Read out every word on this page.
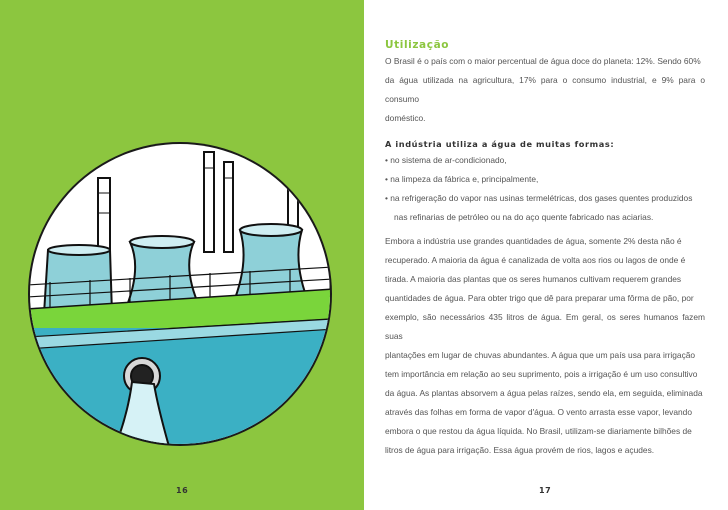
16	17
Utilização

O Brasil é o país com o maior percentual de água doce do planeta: 12%. Sendo 60%
da água utilizada na agricultura, 17% para o consumo industrial, e 9% para o consumo
doméstico.

A indústria utiliza a água de muitas formas:
• no sistema de ar-condicionado,
• na limpeza da fábrica e, principalmente,
• na refrigeração do vapor nas usinas termelétricas, dos gases quentes produzidos
nas refinarias de petróleo ou na do aço quente fabricado nas aciarias.

Embora a indústria use grandes quantidades de água, somente 2% desta não é
recuperado. A maioria da água é canalizada de volta aos rios ou lagos de onde é
tirada. A maioria das plantas que os seres humanos cultivam requerem grandes
quantidades de água. Para obter trigo que dê para preparar uma fôrma de pão, por
exemplo, são necessários 435 litros de água. Em geral, os seres humanos fazem suas
plantações em lugar de chuvas abundantes. A água que um país usa para irrigação
tem importância em relação ao seu suprimento, pois a irrigação é um uso consultivo
da água. As plantas absorvem a água pelas raízes, sendo ela, em seguida, eliminada
através das folhas em forma de vapor d'água. O vento arrasta esse vapor, levando
embora o que restou da água líquida. No Brasil, utilizam-se diariamente bilhões de
litros de água para irrigação. Essa água provém de rios, lagos e açudes.
